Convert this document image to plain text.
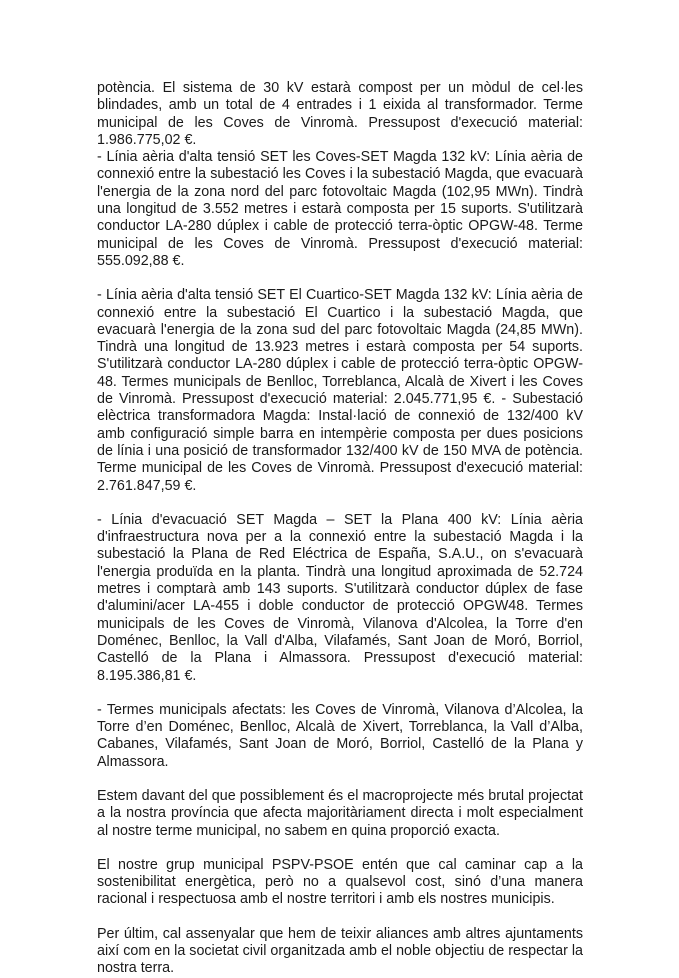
potència. El sistema de 30 kV estarà compost per un mòdul de cel·les blindades, amb un total de 4 entrades i 1 eixida al transformador. Terme municipal de les Coves de Vinromà. Pressupost d'execució material: 1.986.775,02 €.

- Línia aèria d'alta tensió SET les Coves-SET Magda 132 kV: Línia aèria de connexió entre la subestació les Coves i la subestació Magda, que evacuarà l'energia de la zona nord del parc fotovoltaic Magda (102,95 MWn). Tindrà una longitud de 3.552 metres i estarà composta per 15 suports. S'utilitzarà conductor LA-280 dúplex i cable de protecció terra-òptic OPGW-48. Terme municipal de les Coves de Vinromà. Pressupost d'execució material: 555.092,88 €.

- Línia aèria d'alta tensió SET El Cuartico-SET Magda 132 kV: Línia aèria de connexió entre la subestació El Cuartico i la subestació Magda, que evacuarà l'energia de la zona sud del parc fotovoltaic Magda (24,85 MWn). Tindrà una longitud de 13.923 metres i estarà composta per 54 suports. S'utilitzarà conductor LA-280 dúplex i cable de protecció terra-òptic OPGW-48. Termes municipals de Benlloc, Torreblanca, Alcalà de Xivert i les Coves de Vinromà. Pressupost d'execució material: 2.045.771,95 €. - Subestació elèctrica transformadora Magda: Instal·lació de connexió de 132/400 kV amb configuració simple barra en intempèrie composta per dues posicions de línia i una posició de transformador 132/400 kV de 150 MVA de potència. Terme municipal de les Coves de Vinromà. Pressupost d'execució material: 2.761.847,59 €.

- Línia d'evacuació SET Magda – SET la Plana 400 kV: Línia aèria d'infraestructura nova per a la connexió entre la subestació Magda i la subestació la Plana de Red Eléctrica de España, S.A.U., on s'evacuarà l'energia produïda en la planta. Tindrà una longitud aproximada de 52.724 metres i comptarà amb 143 suports. S'utilitzarà conductor dúplex de fase d'alumini/acer LA-455 i doble conductor de protecció OPGW48. Termes municipals de les Coves de Vinromà, Vilanova d'Alcolea, la Torre d'en Doménec, Benlloc, la Vall d'Alba, Vilafamés, Sant Joan de Moró, Borriol, Castelló de la Plana i Almassora. Pressupost d'execució material: 8.195.386,81 €.

- Termes municipals afectats: les Coves de Vinromà, Vilanova d’Alcolea, la Torre d’en Doménec, Benlloc, Alcalà de Xivert, Torreblanca, la Vall d’Alba, Cabanes, Vilafamés, Sant Joan de Moró, Borriol, Castelló de la Plana y Almassora.

Estem davant del que possiblement és el macroprojecte més brutal projectat a la nostra província que afecta majoritàriament directa i molt especialment al nostre terme municipal, no sabem en quina proporció exacta.

El nostre grup municipal PSPV-PSOE entén que cal caminar cap a la sostenibilitat energètica, però no a qualsevol cost, sinó d’una manera racional i respectuosa amb el nostre territori i amb els nostres municipis.

Per últim, cal assenyalar que hem de teixir aliances amb altres ajuntaments així com en la societat civil organitzada amb el noble objectiu de respectar la nostra terra.
